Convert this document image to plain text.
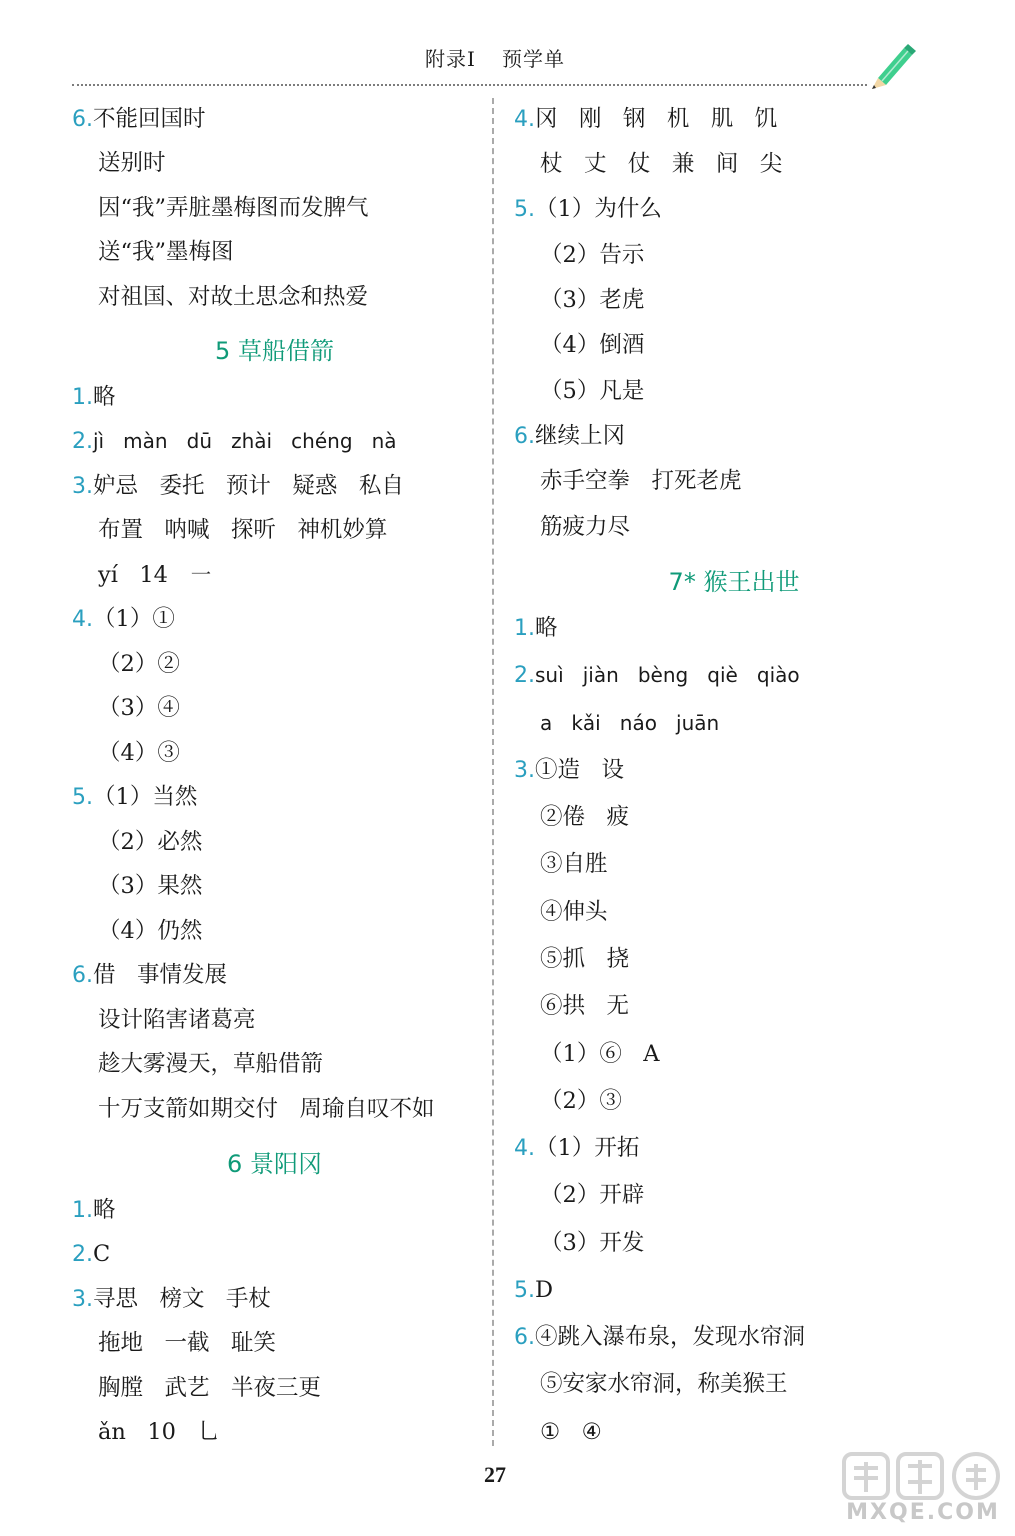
附录Ⅰ 预学单
6.不能回国时
送别时
因“我”弄脏墨梅图而发脾气
送“我”墨梅图
对祖国、对故土思念和热爱
5 草船借箭
1.略
2.jì   màn   dū   zhài   chéng   nà
3.妒忌   委托   预计   疑惑   私自
布置   呐喊   探听   神机妙算
yí   14   ㇐
4.（1）①
（2）②
（3）④
（4）③
5.（1）当然
（2）必然
（3）果然
（4）仍然
6.借   事情发展
设计陷害诸葛亮
趁大雾漫天，草船借箭
十万支箭如期交付   周瑜自叹不如
6 景阳冈
1.略
2.C
3.寻思   榜文   手杖
拖地   一截   耻笑
胸膛   武艺   半夜三更
ǎn   10   乚
4.冈   刚   钢   机   肌   饥
杖   丈   仗   兼   间   尖
5.（1）为什么
（2）告示
（3）老虎
（4）倒酒
（5）凡是
6.继续上冈
赤手空拳   打死老虎
筋疲力尽
7* 猴王出世
1.略
2.suì   jiàn   bèng   qiè   qiào
a   kǎi   náo   juān
3.①造   设
②倦   疲
③自胜
④伸头
⑤抓   挠
⑥拱   无
（1）⑥   A
（2）③
4.（1）开拓
（2）开辟
（3）开发
5.D
6.④跳入瀑布泉，发现水帘洞
⑤安家水帘洞，称美猴王
①   ④
27
MXQE.COM
